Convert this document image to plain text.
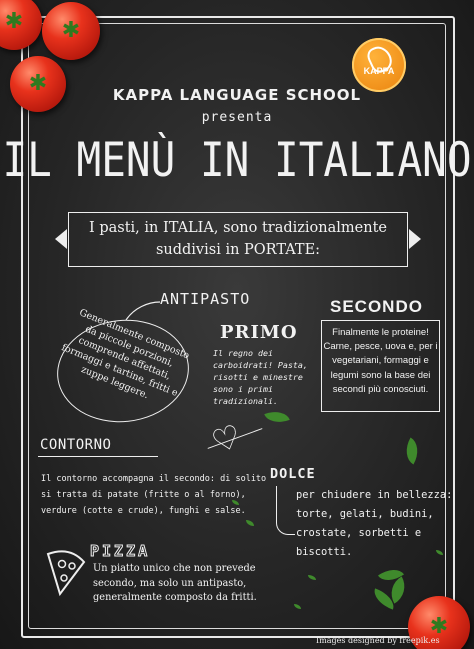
✱ ✱
✱
✱
KAPPA
KAPPA LANGUAGE SCHOOL
presenta
IL MENÙ IN ITALIANO
I pasti, in ITALIA, sono tradizionalmente
suddivisi in PORTATE:
ANTIPASTO
Generalmente composto da piccole porzioni, comprende affettati, formaggi e tartine, fritti e zuppe leggere.
PRIMO
Il regno dei carboidrati! Pasta, risotti e minestre sono i primi tradizionali.
SECONDO
Finalmente le proteine! Carne, pesce, uova e, per i vegetariani, formaggi e legumi sono la base dei secondi più conosciuti.
♡
CONTORNO
Il contorno accompagna il secondo: di solito si tratta di patate (fritte o al forno), verdure (cotte e crude), funghi e salse.
DOLCE
per chiudere in bellezza: torte, gelati, budini, crostate, sorbetti e biscotti.
PIZZA
Un piatto unico che non prevede secondo, ma solo un antipasto, generalmente composto da fritti.
Images designed by freepik.es
